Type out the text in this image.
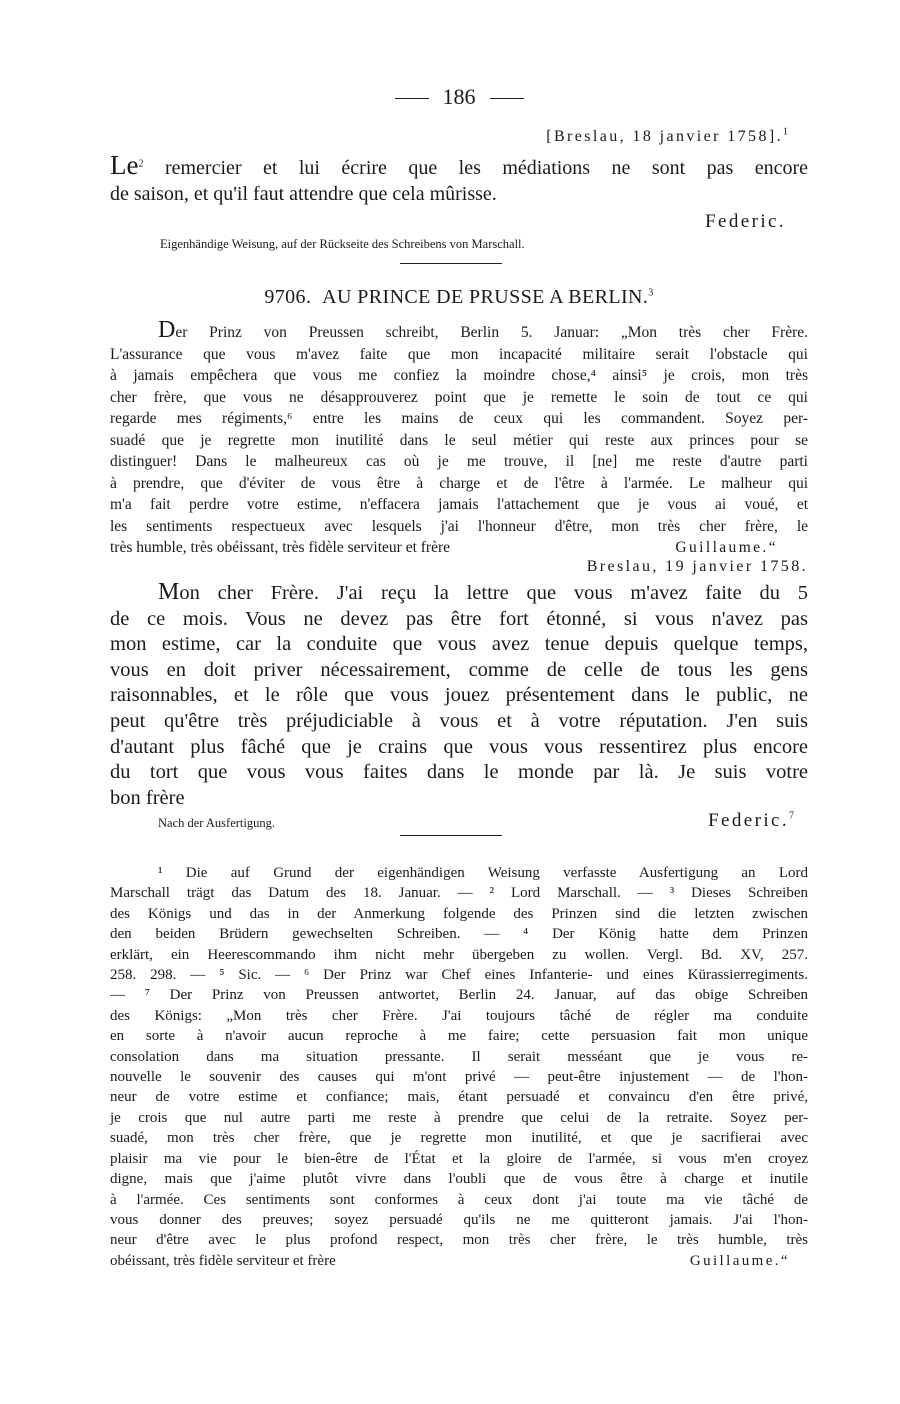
186
[Breslau, 18 janvier 1758].$^1$
Le$^2$ remercier et lui écrire que les médiations ne sont pas encore
de saison, et qu'il faut attendre que cela mûrisse.
Federic.
Eigenhändige Weisung, auf der Rückseite des Schreibens von Marschall.
9706. AU PRINCE DE PRUSSE A BERLIN.$^3$
Der Prinz von Preussen schreibt, Berlin 5. Januar: „Mon très cher Frère.
L'assurance que vous m'avez faite que mon incapacité militaire serait l'obstacle qui
à jamais empêchera que vous me confiez la moindre chose,⁴ ainsi⁵ je crois, mon très
cher frère, que vous ne désapprouverez point que je remette le soin de tout ce qui
regarde mes régiments,⁶ entre les mains de ceux qui les commandent. Soyez per-
suadé que je regrette mon inutilité dans le seul métier qui reste aux princes pour se
distinguer! Dans le malheureux cas où je me trouve, il [ne] me reste d'autre parti
à prendre, que d'éviter de vous être à charge et de l'être à l'armée. Le malheur qui
m'a fait perdre votre estime, n'effacera jamais l'attachement que je vous ai voué, et
les sentiments respectueux avec lesquels j'ai l'honneur d'être, mon très cher frère, le
très humble, très obéissant, très fidèle serviteur et frère	Guillaume.“
Breslau, 19 janvier 1758.
Mon cher Frère. J'ai reçu la lettre que vous m'avez faite du 5
de ce mois. Vous ne devez pas être fort étonné, si vous n'avez pas
mon estime, car la conduite que vous avez tenue depuis quelque temps,
vous en doit priver nécessairement, comme de celle de tous les gens
raisonnables, et le rôle que vous jouez présentement dans le public, ne
peut qu'être très préjudiciable à vous et à votre réputation. J'en suis
d'autant plus fâché que je crains que vous vous ressentirez plus encore
du tort que vous vous faites dans le monde par là. Je suis votre
bon frère
Nach der Ausfertigung.	Federic.$^7$
¹ Die auf Grund der eigenhändigen Weisung verfasste Ausfertigung an Lord
Marschall trägt das Datum des 18. Januar. — ² Lord Marschall. — ³ Dieses Schreiben
des Königs und das in der Anmerkung folgende des Prinzen sind die letzten zwischen
den beiden Brüdern gewechselten Schreiben. — ⁴ Der König hatte dem Prinzen
erklärt, ein Heerescommando ihm nicht mehr übergeben zu wollen. Vergl. Bd. XV, 257.
258. 298. — ⁵ Sic. — ⁶ Der Prinz war Chef eines Infanterie- und eines Kürassierregiments.
— ⁷ Der Prinz von Preussen antwortet, Berlin 24. Januar, auf das obige Schreiben
des Königs: „Mon très cher Frère. J'ai toujours tâché de régler ma conduite
en sorte à n'avoir aucun reproche à me faire; cette persuasion fait mon unique
consolation dans ma situation pressante. Il serait messéant que je vous re-
nouvelle le souvenir des causes qui m'ont privé — peut-être injustement — de l'hon-
neur de votre estime et confiance; mais, étant persuadé et convaincu d'en être privé,
je crois que nul autre parti me reste à prendre que celui de la retraite. Soyez per-
suadé, mon très cher frère, que je regrette mon inutilité, et que je sacrifierai avec
plaisir ma vie pour le bien-être de l'État et la gloire de l'armée, si vous m'en croyez
digne, mais que j'aime plutôt vivre dans l'oubli que de vous être à charge et inutile
à l'armée. Ces sentiments sont conformes à ceux dont j'ai toute ma vie tâché de
vous donner des preuves; soyez persuadé qu'ils ne me quitteront jamais. J'ai l'hon-
neur d'être avec le plus profond respect, mon très cher frère, le très humble, très
obéissant, très fidèle serviteur et frère	Guillaume.“
